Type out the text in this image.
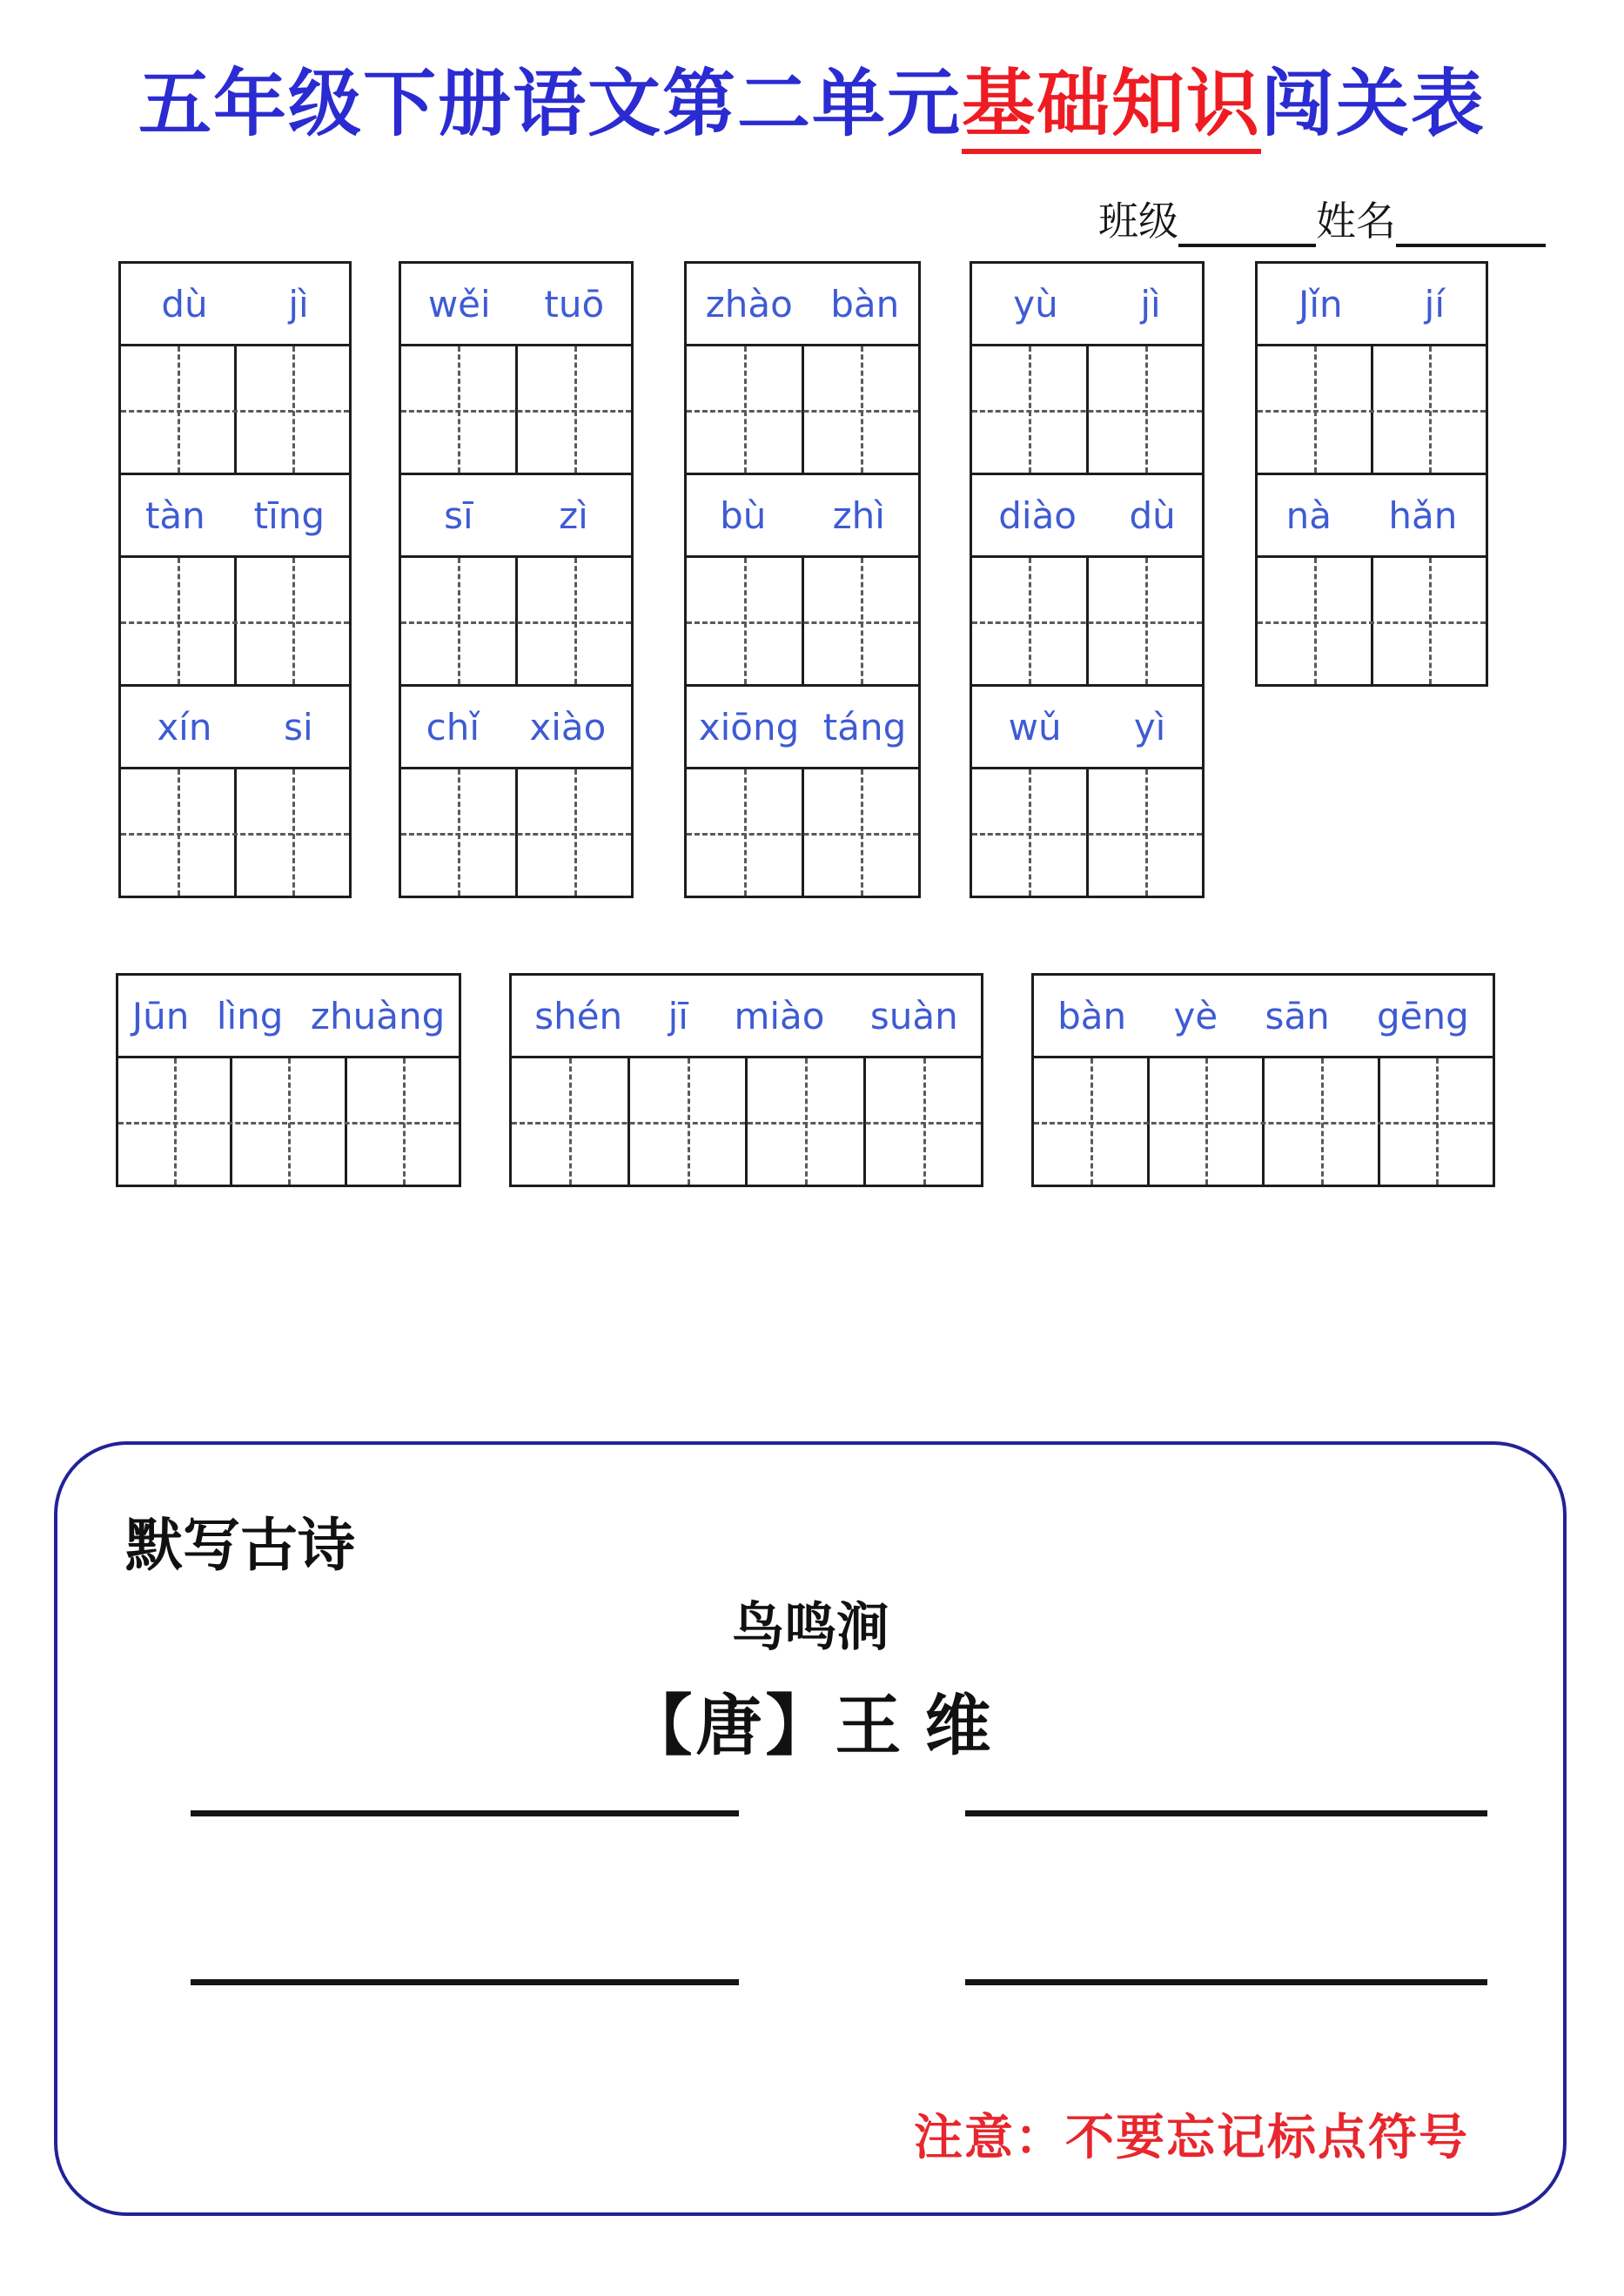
五年级下册语文第二单元基础知识闯关表
班级	姓名
dù jì
tàn tīng
xín si
wěi tuō
sī zì
chǐ xiào
zhào bàn
bù zhì
xiōng táng
yù jì
diào dù
wǔ yì
Jǐn jí
nà hǎn
Jūn lìng zhuàng shén jī miào suàn	bàn yè sān gēng
默写古诗
鸟鸣涧
【唐】王 维
注意：不要忘记标点符号
